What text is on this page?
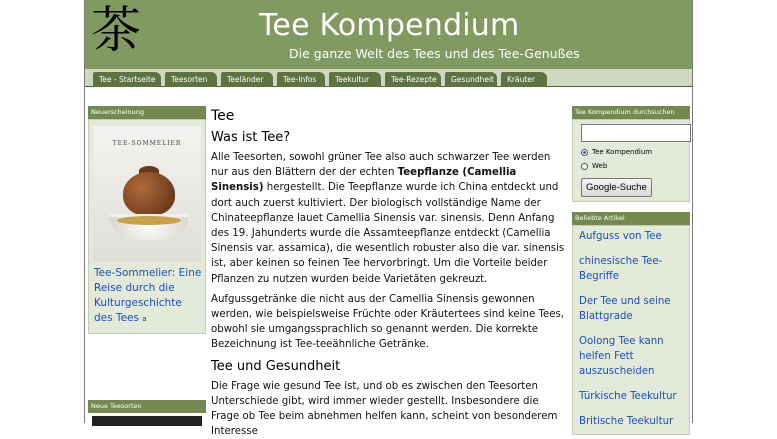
茶	Tee Kompendium
Die ganze Welt des Tees und des Tee-Genußes
Tee - Startseite	Teesorten	Teeländer	Tee-Infos	Teekultur	Tee-Rezepte	Gesundheit	Kräuter
Neuerscheinung
TEE-SOMMELIER
Tee-Sommelier: Eine Reise durch die Kulturgeschichte des Tees a
Neue Teesorten
Tee
Was ist Tee?

Alle Teesorten, sowohl grüner Tee also auch schwarzer Tee werden nur aus den Blättern der der echten Teepflanze (Camellia Sinensis) hergestellt. Die Teepflanze wurde ich China entdeckt und dort auch zuerst kultiviert. Der biologisch vollständige Name der Chinateepflanze lauet Camellia Sinensis var. sinensis. Denn Anfang des 19. Jahunderts wurde die Assamteepflanze entdeckt (Camellia Sinensis var. assamica), die wesentlich robuster also die var. sinensis ist, aber keinen so feinen Tee hervorbringt. Um die Vorteile beider Pflanzen zu nutzen wurden beide Varietäten gekreuzt.

Aufgussgetränke die nicht aus der Camellia Sinensis gewonnen werden, wie beispielsweise Früchte oder Kräutertees sind keine Tees, obwohl sie umgangssprachlich so genannt werden. Die korrekte Bezeichnung ist Tee-teeähnliche Getränke.

Tee und Gesundheit

Die Frage wie gesund Tee ist, und ob es zwischen den Teesorten Unterschiede gibt, wird immer wieder gestellt. Insbesondere die Frage ob Tee beim abnehmen helfen kann, scheint von besonderem Interesse

Tee Kompendium durchsuchen
Tee Kompendium
Web
Google-Suche
Beliebte Artikel
Aufguss von Tee
chinesische Tee-Begriffe
Der Tee und seine Blattgrade
Oolong Tee kann helfen Fett auszuscheiden
Türkische Teekultur
Britische Teekultur
